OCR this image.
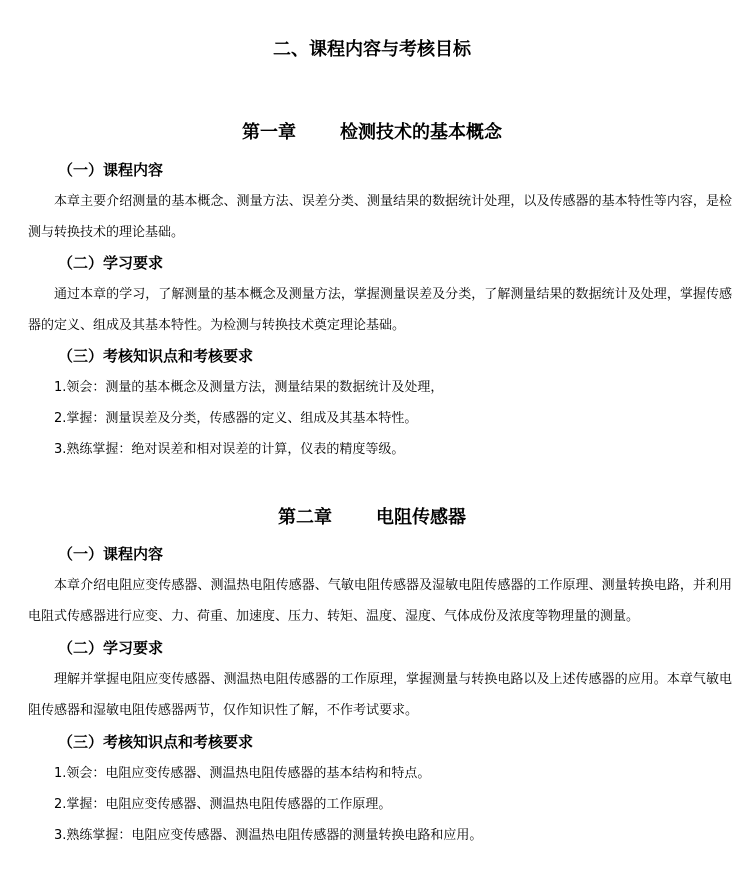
二、课程内容与考核目标
第一章 检测技术的基本概念
（一）课程内容
本章主要介绍测量的基本概念、测量方法、误差分类、测量结果的数据统计处理，以及传感器的基本特性等内容，是检测与转换技术的理论基础。
（二）学习要求
通过本章的学习，了解测量的基本概念及测量方法，掌握测量误差及分类，了解测量结果的数据统计及处理，掌握传感器的定义、组成及其基本特性。为检测与转换技术奠定理论基础。
（三）考核知识点和考核要求
1.领会：测量的基本概念及测量方法，测量结果的数据统计及处理，
2.掌握：测量误差及分类，传感器的定义、组成及其基本特性。
3.熟练掌握：绝对误差和相对误差的计算，仪表的精度等级。
第二章 电阻传感器
（一）课程内容
本章介绍电阻应变传感器、测温热电阻传感器、气敏电阻传感器及湿敏电阻传感器的工作原理、测量转换电路，并利用电阻式传感器进行应变、力、荷重、加速度、压力、转矩、温度、湿度、气体成份及浓度等物理量的测量。
（二）学习要求
理解并掌握电阻应变传感器、测温热电阻传感器的工作原理，掌握测量与转换电路以及上述传感器的应用。本章气敏电阻传感器和湿敏电阻传感器两节，仅作知识性了解，不作考试要求。
（三）考核知识点和考核要求
1.领会：电阻应变传感器、测温热电阻传感器的基本结构和特点。
2.掌握：电阻应变传感器、测温热电阻传感器的工作原理。
3.熟练掌握：电阻应变传感器、测温热电阻传感器的测量转换电路和应用。
